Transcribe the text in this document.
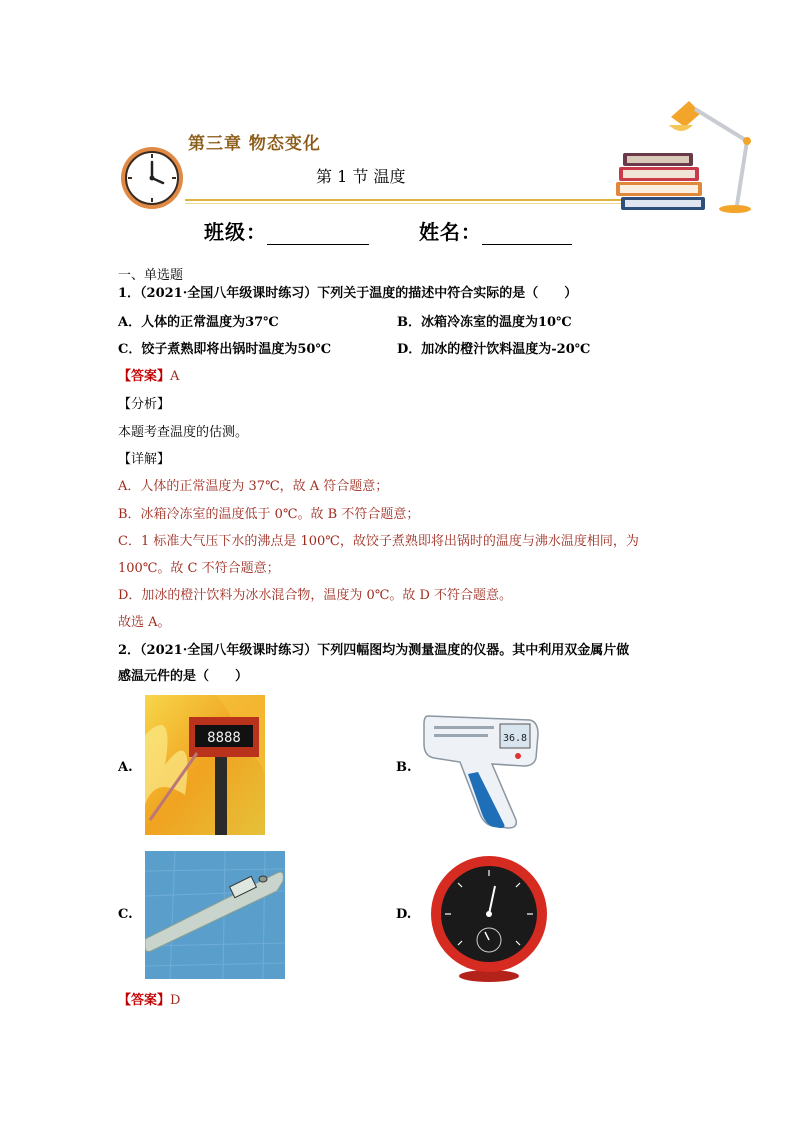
第三章 物态变化
第 1 节 温度
班级：	姓名：
一、单选题
1．（2021·全国八年级课时练习）下列关于温度的描述中符合实际的是（　　）
A．人体的正常温度为37℃	B．冰箱冷冻室的温度为10℃
C．饺子煮熟即将出锅时温度为50℃	D．加冰的橙汁饮料温度为-20℃
【答案】A
【分析】
本题考查温度的估测。
【详解】
A．人体的正常温度为 37℃，故 A 符合题意；
B．冰箱冷冻室的温度低于 0℃。故 B 不符合题意；
C．1 标准大气压下水的沸点是 100℃，故饺子煮熟即将出锅时的温度与沸水温度相同，为
100℃。故 C 不符合题意；
D．加冰的橙汁饮料为冰水混合物，温度为 0℃。故 D 不符合题意。
故选 A。
2．（2021·全国八年级课时练习）下列四幅图均为测量温度的仪器。其中利用双金属片做
感温元件的是（　　）
A.
8888
B.
36.8
C.	D.
【答案】D
